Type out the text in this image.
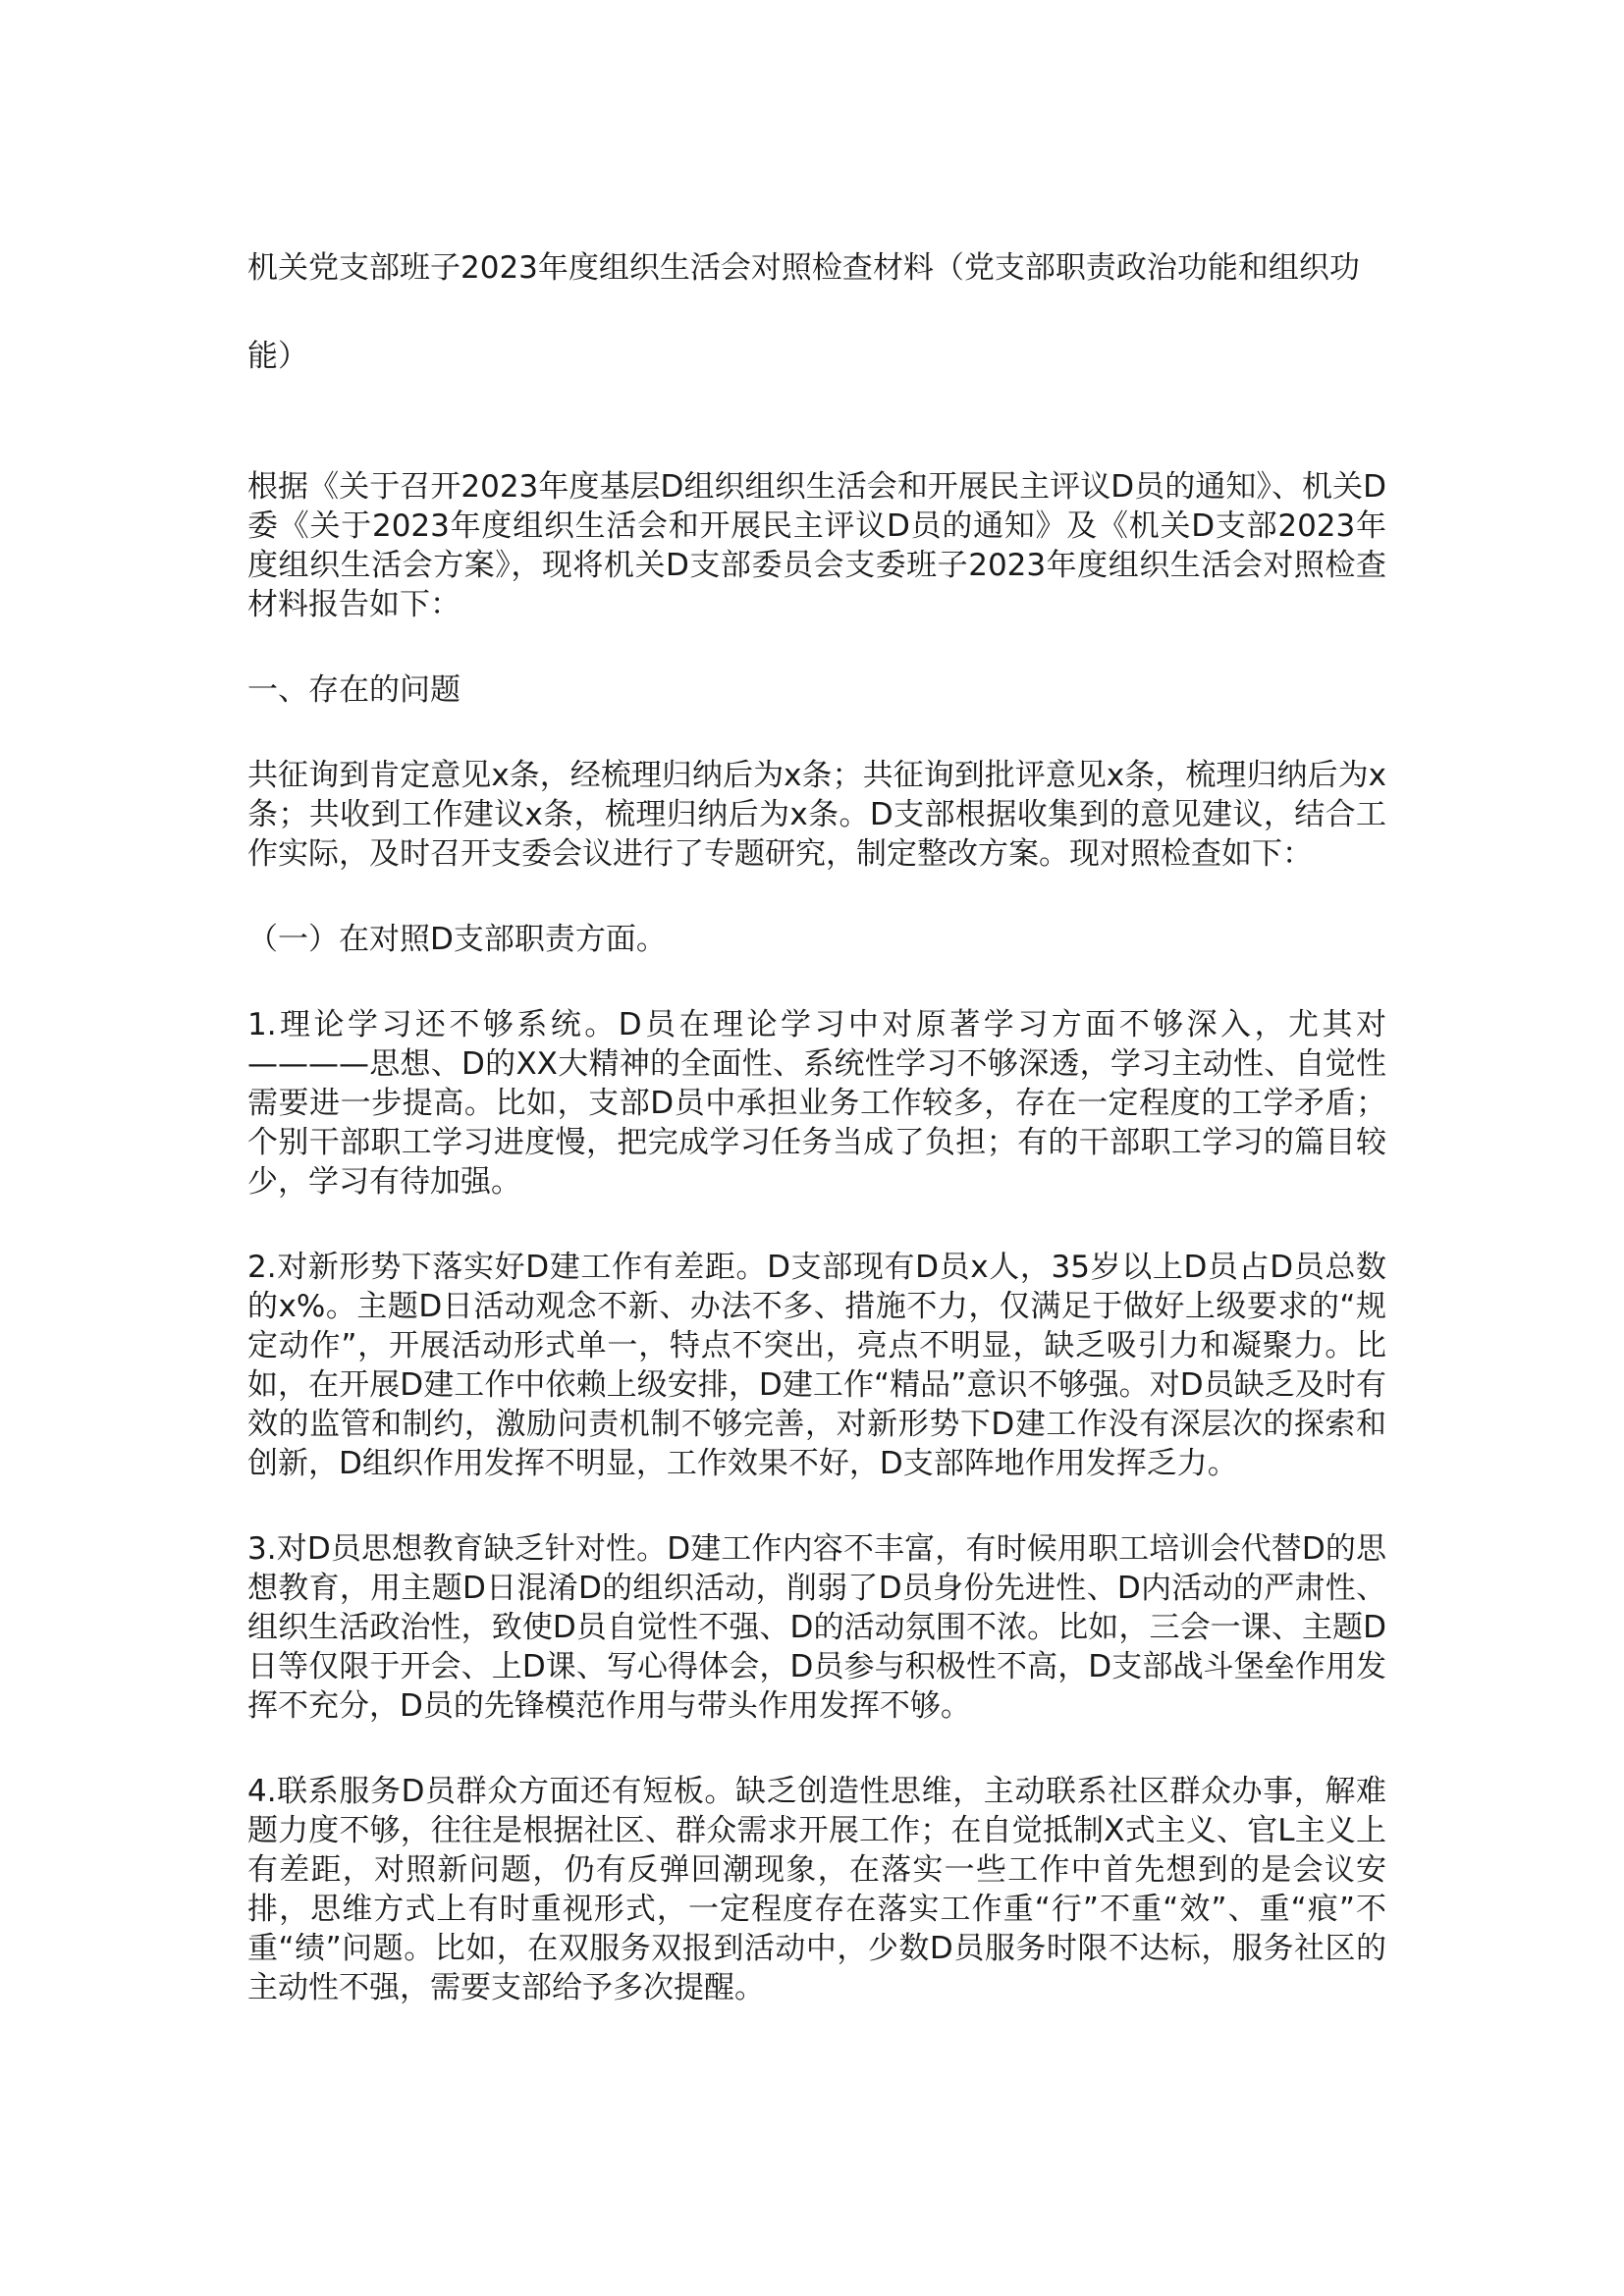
机关党支部班子2023年度组织生活会对照检查材料（党支部职责政治功能和组织功能）

根据《关于召开2023年度基层D组织组织生活会和开展民主评议D员的通知》、机关D委《关于2023年度组织生活会和开展民主评议D员的通知》及《机关D支部2023年度组织生活会方案》，现将机关D支部委员会支委班子2023年度组织生活会对照检查材料报告如下：

一、存在的问题

共征询到肯定意见x条，经梳理归纳后为x条；共征询到批评意见x条，梳理归纳后为x条；共收到工作建议x条，梳理归纳后为x条。D支部根据收集到的意见建议，结合工作实际，及时召开支委会议进行了专题研究，制定整改方案。现对照检查如下：

（一）在对照D支部职责方面。

1.理论学习还不够系统。D员在理论学习中对原著学习方面不够深入，尤其对————思想、D的XX大精神的全面性、系统性学习不够深透，学习主动性、自觉性需要进一步提高。比如，支部D员中承担业务工作较多，存在一定程度的工学矛盾；个别干部职工学习进度慢，把完成学习任务当成了负担；有的干部职工学习的篇目较少，学习有待加强。

2.对新形势下落实好D建工作有差距。D支部现有D员x人，35岁以上D员占D员总数的x%。主题D日活动观念不新、办法不多、措施不力，仅满足于做好上级要求的“规定动作”，开展活动形式单一，特点不突出，亮点不明显，缺乏吸引力和凝聚力。比如，在开展D建工作中依赖上级安排，D建工作“精品”意识不够强。对D员缺乏及时有效的监管和制约，激励问责机制不够完善，对新形势下D建工作没有深层次的探索和创新，D组织作用发挥不明显，工作效果不好，D支部阵地作用发挥乏力。

3.对D员思想教育缺乏针对性。D建工作内容不丰富，有时候用职工培训会代替D的思想教育，用主题D日混淆D的组织活动，削弱了D员身份先进性、D内活动的严肃性、组织生活政治性，致使D员自觉性不强、D的活动氛围不浓。比如，三会一课、主题D日等仅限于开会、上D课、写心得体会，D员参与积极性不高，D支部战斗堡垒作用发挥不充分，D员的先锋模范作用与带头作用发挥不够。

4.联系服务D员群众方面还有短板。缺乏创造性思维，主动联系社区群众办事，解难题力度不够，往往是根据社区、群众需求开展工作；在自觉抵制X式主义、官L主义上有差距，对照新问题，仍有反弹回潮现象，在落实一些工作中首先想到的是会议安排，思维方式上有时重视形式，一定程度存在落实工作重“行”不重“效”、重“痕”不重“绩”问题。比如，在双服务双报到活动中，少数D员服务时限不达标，服务社区的主动性不强，需要支部给予多次提醒。
